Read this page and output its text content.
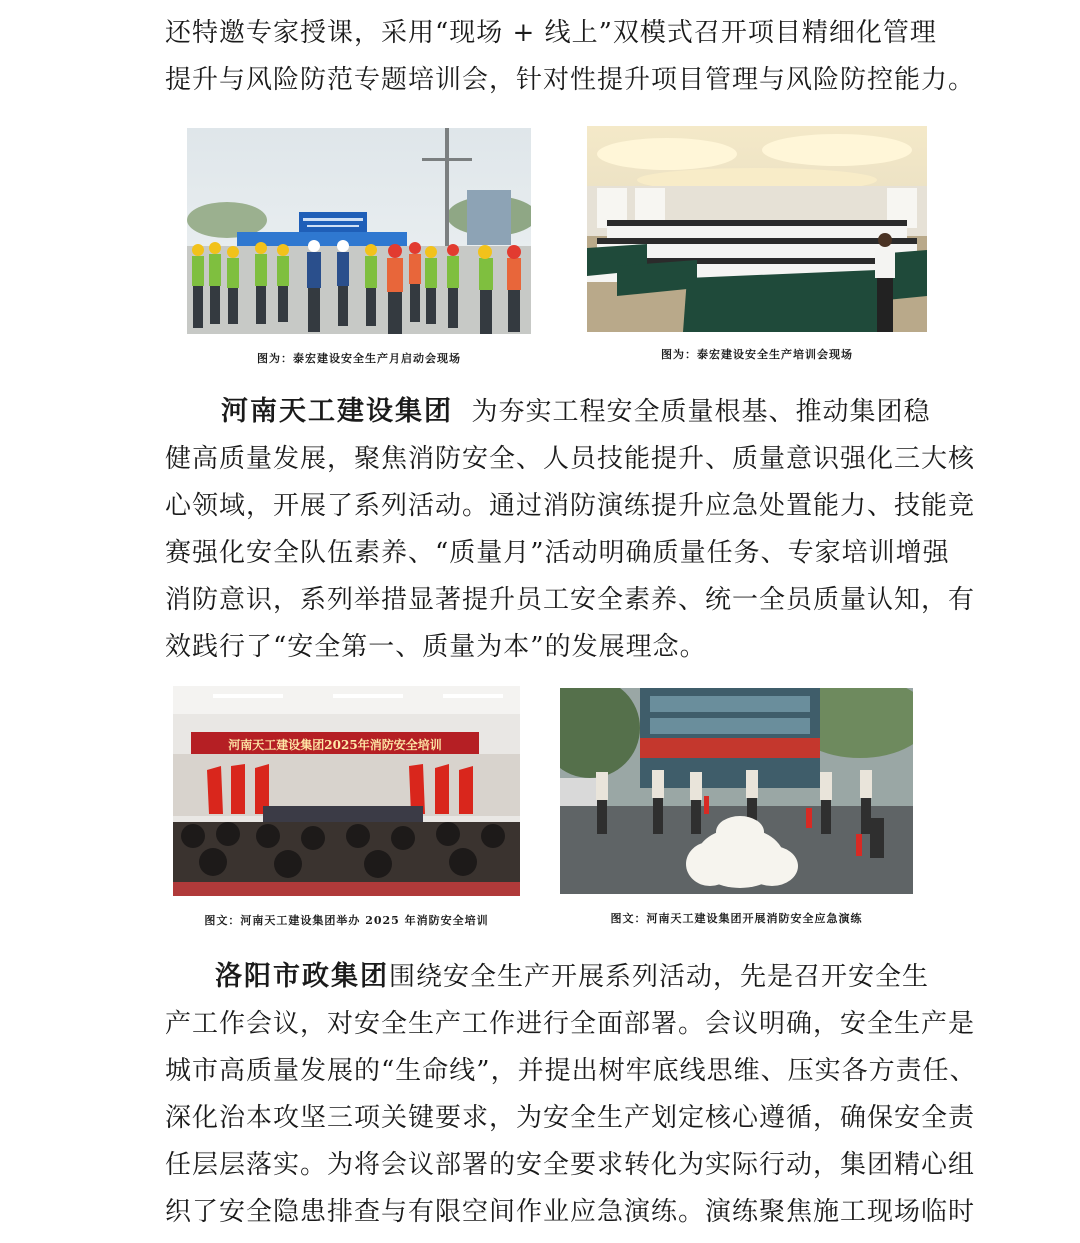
还特邀专家授课，采用“现场 + 线上”双模式召开项目精细化管理
提升与风险防范专题培训会，针对性提升项目管理与风险防控能力。
图为：泰宏建设安全生产月启动会现场	图为：泰宏建设安全生产培训会现场
河南天工建设集团 为夯实工程安全质量根基、推动集团稳
健高质量发展，聚焦消防安全、人员技能提升、质量意识强化三大核
心领域，开展了系列活动。通过消防演练提升应急处置能力、技能竞
赛强化安全队伍素养、“质量月”活动明确质量任务、专家培训增强
消防意识，系列举措显著提升员工安全素养、统一全员质量认知，有
效践行了“安全第一、质量为本”的发展理念。
河南天工建设集团2025年消防安全培训
图文：河南天工建设集团举办 2025 年消防安全培训	图文：河南天工建设集团开展消防安全应急演练
洛阳市政集团围绕安全生产开展系列活动，先是召开安全生
产工作会议，对安全生产工作进行全面部署。会议明确，安全生产是
城市高质量发展的“生命线”，并提出树牢底线思维、压实各方责任、
深化治本攻坚三项关键要求，为安全生产划定核心遵循，确保安全责
任层层落实。为将会议部署的安全要求转化为实际行动，集团精心组
织了安全隐患排查与有限空间作业应急演练。演练聚焦施工现场临时
